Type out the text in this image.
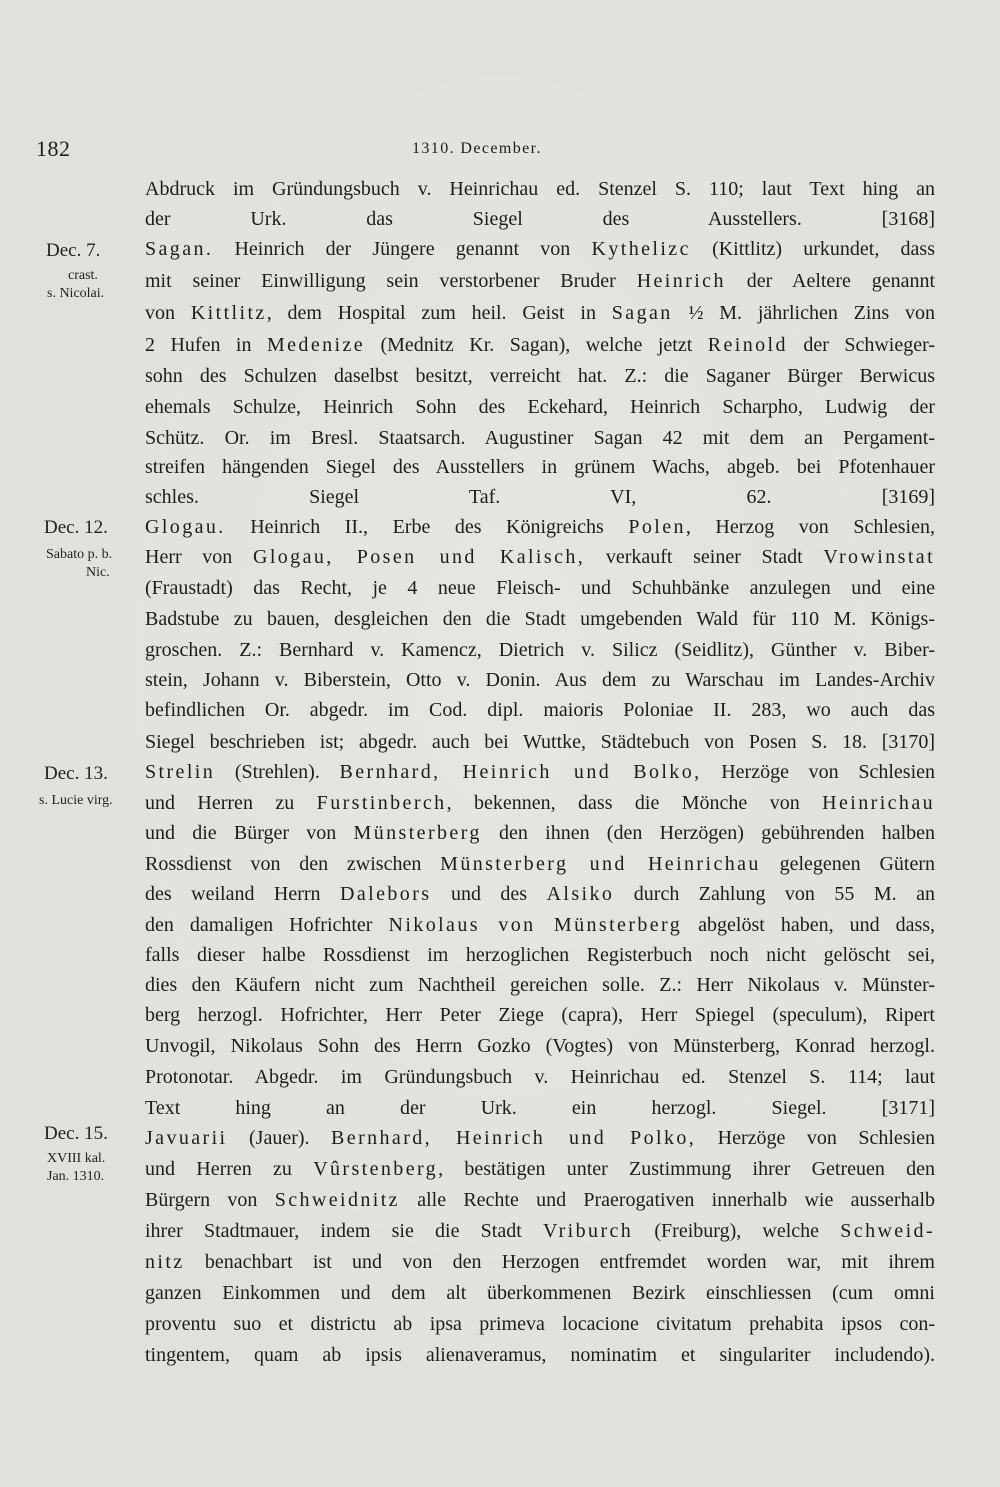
182	1310. December.
Dec. 7.
crast.
s. Nicolai.
Dec. 12.
Sabato p. b.
Nic.
Dec. 13.
s. Lucie virg.
Dec. 15.
XVIII kal.
Jan. 1310.
Abdruck im Gründungsbuch v. Heinrichau ed. Stenzel S. 110; laut Text hing an
der Urk. das Siegel des Ausstellers.	[3168]
Sagan. Heinrich der Jüngere genannt von Kythelizc (Kittlitz) urkundet, dass
mit seiner Einwilligung sein verstorbener Bruder Heinrich der Aeltere genannt
von Kittlitz, dem Hospital zum heil. Geist in Sagan ½ M. jährlichen Zins von
2 Hufen in Medenize (Mednitz Kr. Sagan), welche jetzt Reinold der Schwieger-
sohn des Schulzen daselbst besitzt, verreicht hat. Z.: die Saganer Bürger Berwicus
ehemals Schulze, Heinrich Sohn des Eckehard, Heinrich Scharpho, Ludwig der
Schütz. Or. im Bresl. Staatsarch. Augustiner Sagan 42 mit dem an Pergament-
streifen hängenden Siegel des Ausstellers in grünem Wachs, abgeb. bei Pfotenhauer
schles. Siegel Taf. VI, 62.	[3169]
Glogau. Heinrich II., Erbe des Königreichs Polen, Herzog von Schlesien,
Herr von Glogau, Posen und Kalisch, verkauft seiner Stadt Vrowinstat
(Fraustadt) das Recht, je 4 neue Fleisch- und Schuhbänke anzulegen und eine
Badstube zu bauen, desgleichen den die Stadt umgebenden Wald für 110 M. Königs-
groschen. Z.: Bernhard v. Kamencz, Dietrich v. Silicz (Seidlitz), Günther v. Biber-
stein, Johann v. Biberstein, Otto v. Donin. Aus dem zu Warschau im Landes-Archiv
befindlichen Or. abgedr. im Cod. dipl. maioris Poloniae II. 283, wo auch das
Siegel beschrieben ist; abgedr. auch bei Wuttke, Städtebuch von Posen S. 18. [3170]
Strelin (Strehlen). Bernhard, Heinrich und Bolko, Herzöge von Schlesien
und Herren zu Furstinberch, bekennen, dass die Mönche von Heinrichau
und die Bürger von Münsterberg den ihnen (den Herzögen) gebührenden halben
Rossdienst von den zwischen Münsterberg und Heinrichau gelegenen Gütern
des weiland Herrn Dalebors und des Alsiko durch Zahlung von 55 M. an
den damaligen Hofrichter Nikolaus von Münsterberg abgelöst haben, und dass,
falls dieser halbe Rossdienst im herzoglichen Registerbuch noch nicht gelöscht sei,
dies den Käufern nicht zum Nachtheil gereichen solle. Z.: Herr Nikolaus v. Münster-
berg herzogl. Hofrichter, Herr Peter Ziege (capra), Herr Spiegel (speculum), Ripert
Unvogil, Nikolaus Sohn des Herrn Gozko (Vogtes) von Münsterberg, Konrad herzogl.
Protonotar. Abgedr. im Gründungsbuch v. Heinrichau ed. Stenzel S. 114; laut
Text hing an der Urk. ein herzogl. Siegel.	[3171]
Javuarii (Jauer). Bernhard, Heinrich und Polko, Herzöge von Schlesien
und Herren zu Vûrstenberg, bestätigen unter Zustimmung ihrer Getreuen den
Bürgern von Schweidnitz alle Rechte und Praerogativen innerhalb wie ausserhalb
ihrer Stadtmauer, indem sie die Stadt Vriburch (Freiburg), welche Schweid-
nitz benachbart ist und von den Herzogen entfremdet worden war, mit ihrem
ganzen Einkommen und dem alt überkommenen Bezirk einschliessen (cum omni
proventu suo et districtu ab ipsa primeva locacione civitatum prehabita ipsos con-
tingentem, quam ab ipsis alienaveramus, nominatim et singulariter includendo).
